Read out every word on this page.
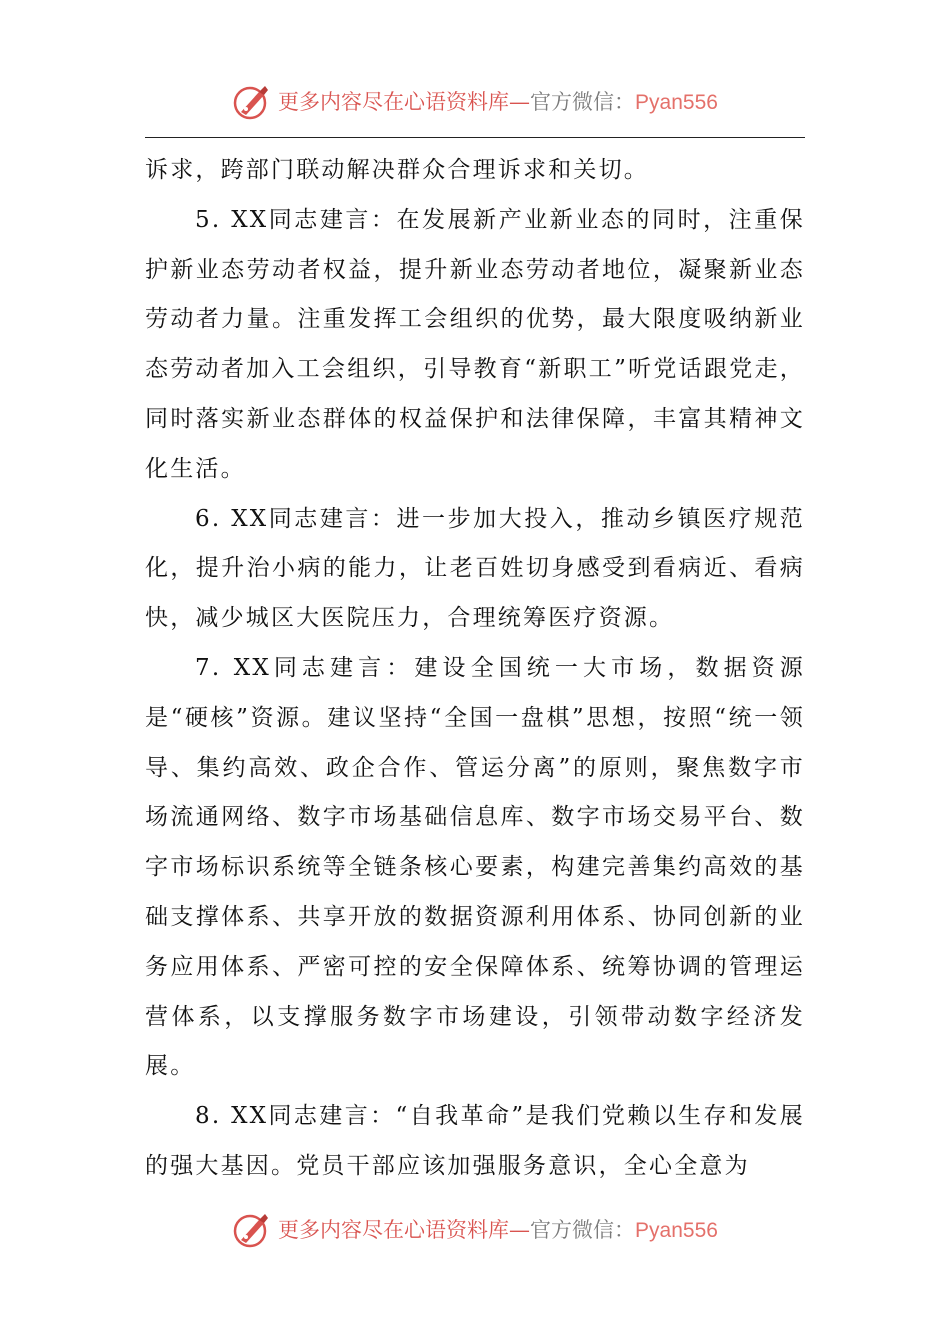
更多内容尽在心语资料库—官方微信：Pyan556

诉求，跨部门联动解决群众合理诉求和关切。

5. XX同志建言：在发展新产业新业态的同时，注重保护新业态劳动者权益，提升新业态劳动者地位，凝聚新业态劳动者力量。注重发挥工会组织的优势，最大限度吸纳新业态劳动者加入工会组织，引导教育“新职工”听党话跟党走，同时落实新业态群体的权益保护和法律保障，丰富其精神文化生活。

6. XX同志建言：进一步加大投入，推动乡镇医疗规范化，提升治小病的能力，让老百姓切身感受到看病近、看病快，减少城区大医院压力，合理统筹医疗资源。

7. XX同志建言：建设全国统一大市场，数据资源是“硬核”资源。建议坚持“全国一盘棋”思想，按照“统一领导、集约高效、政企合作、管运分离”的原则，聚焦数字市场流通网络、数字市场基础信息库、数字市场交易平台、数字市场标识系统等全链条核心要素，构建完善集约高效的基础支撑体系、共享开放的数据资源利用体系、协同创新的业务应用体系、严密可控的安全保障体系、统筹协调的管理运营体系，以支撑服务数字市场建设，引领带动数字经济发展。

8. XX同志建言：“自我革命”是我们党赖以生存和发展的强大基因。党员干部应该加强服务意识，全心全意为

更多内容尽在心语资料库—官方微信：Pyan556
